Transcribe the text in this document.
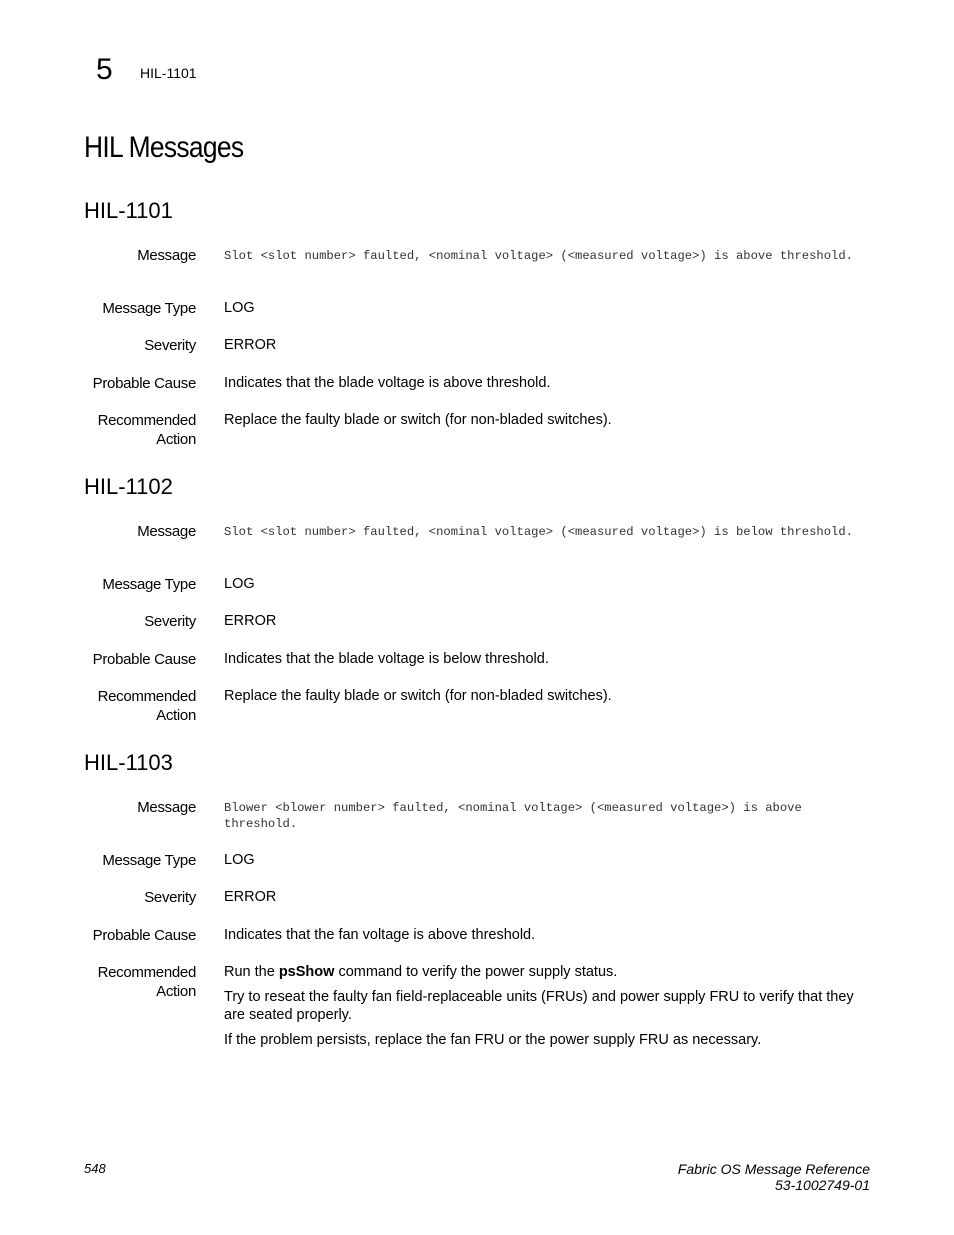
5 HIL-1101
HIL Messages
HIL-1101
Message Slot <slot number> faulted, <nominal voltage> (<measured voltage>) is above threshold.
Message Type LOG
Severity ERROR
Probable Cause Indicates that the blade voltage is above threshold.
Recommended
Action
Replace the faulty blade or switch (for non-bladed switches).
HIL-1102
Message Slot <slot number> faulted, <nominal voltage> (<measured voltage>) is below threshold.
Message Type LOG
Severity ERROR
Probable Cause Indicates that the blade voltage is below threshold.
Recommended
Action
Replace the faulty blade or switch (for non-bladed switches).
HIL-1103
Message Blower <blower number> faulted, <nominal voltage> (<measured voltage>) is above threshold.
Message Type LOG
Severity ERROR
Probable Cause Indicates that the fan voltage is above threshold.
Recommended
Action

Run the psShow command to verify the power supply status.

Try to reseat the faulty fan field-replaceable units (FRUs) and power supply FRU to verify that they are seated properly.

If the problem persists, replace the fan FRU or the power supply FRU as necessary.

548	Fabric OS Message Reference
53-1002749-01
